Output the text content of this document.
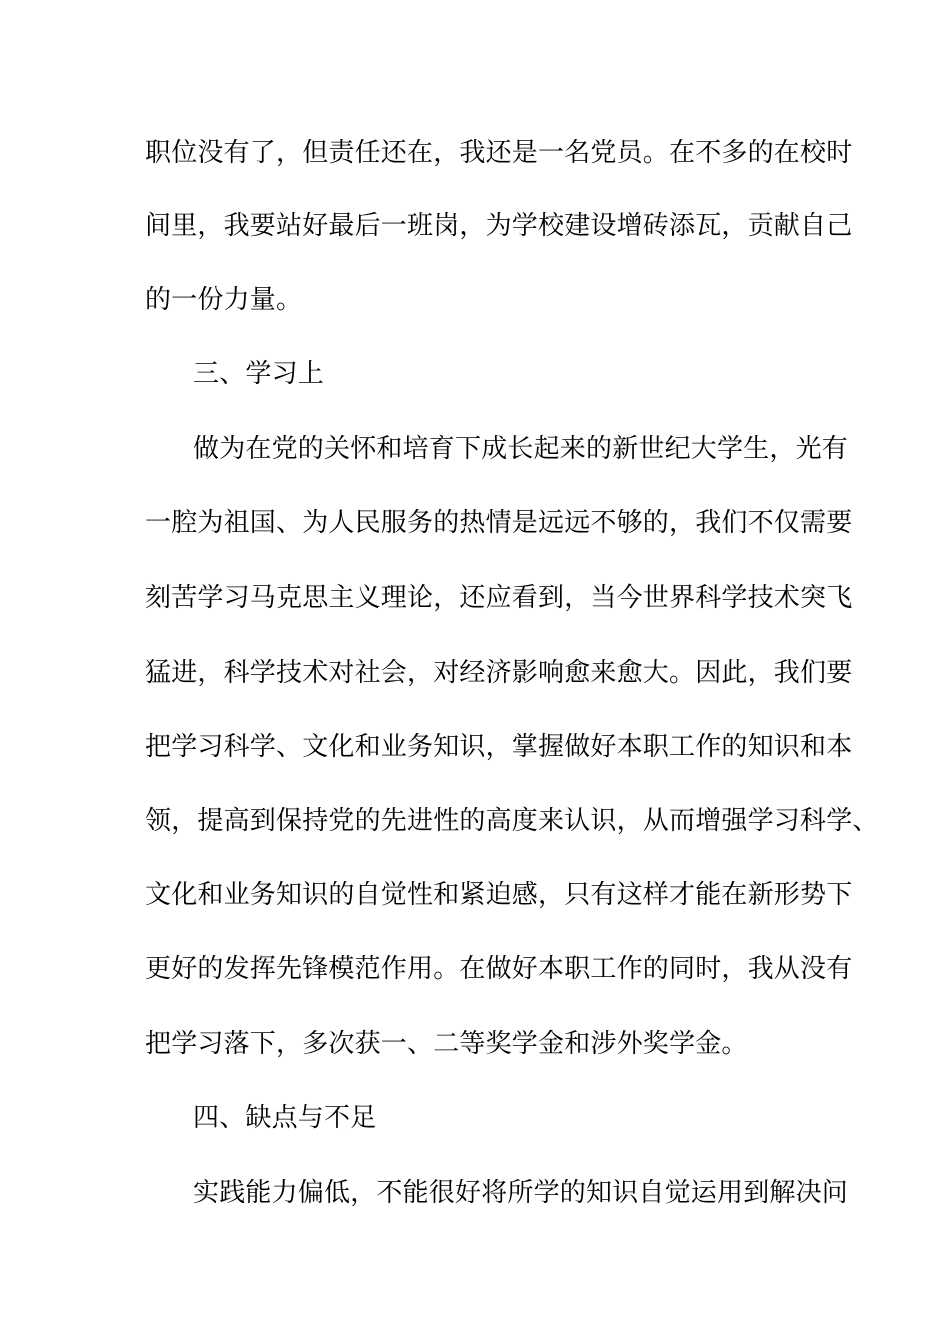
职位没有了，但责任还在，我还是一名党员。在不多的在校时
间里，我要站好最后一班岗，为学校建设增砖添瓦，贡献自己
的一份力量。
三、学习上
做为在党的关怀和培育下成长起来的新世纪大学生，光有
一腔为祖国、为人民服务的热情是远远不够的，我们不仅需要
刻苦学习马克思主义理论，还应看到，当今世界科学技术突飞
猛进，科学技术对社会，对经济影响愈来愈大。因此，我们要
把学习科学、文化和业务知识，掌握做好本职工作的知识和本
领，提高到保持党的先进性的高度来认识，从而增强学习科学、
文化和业务知识的自觉性和紧迫感，只有这样才能在新形势下
更好的发挥先锋模范作用。在做好本职工作的同时，我从没有
把学习落下，多次获一、二等奖学金和涉外奖学金。
四、缺点与不足
实践能力偏低，不能很好将所学的知识自觉运用到解决问
